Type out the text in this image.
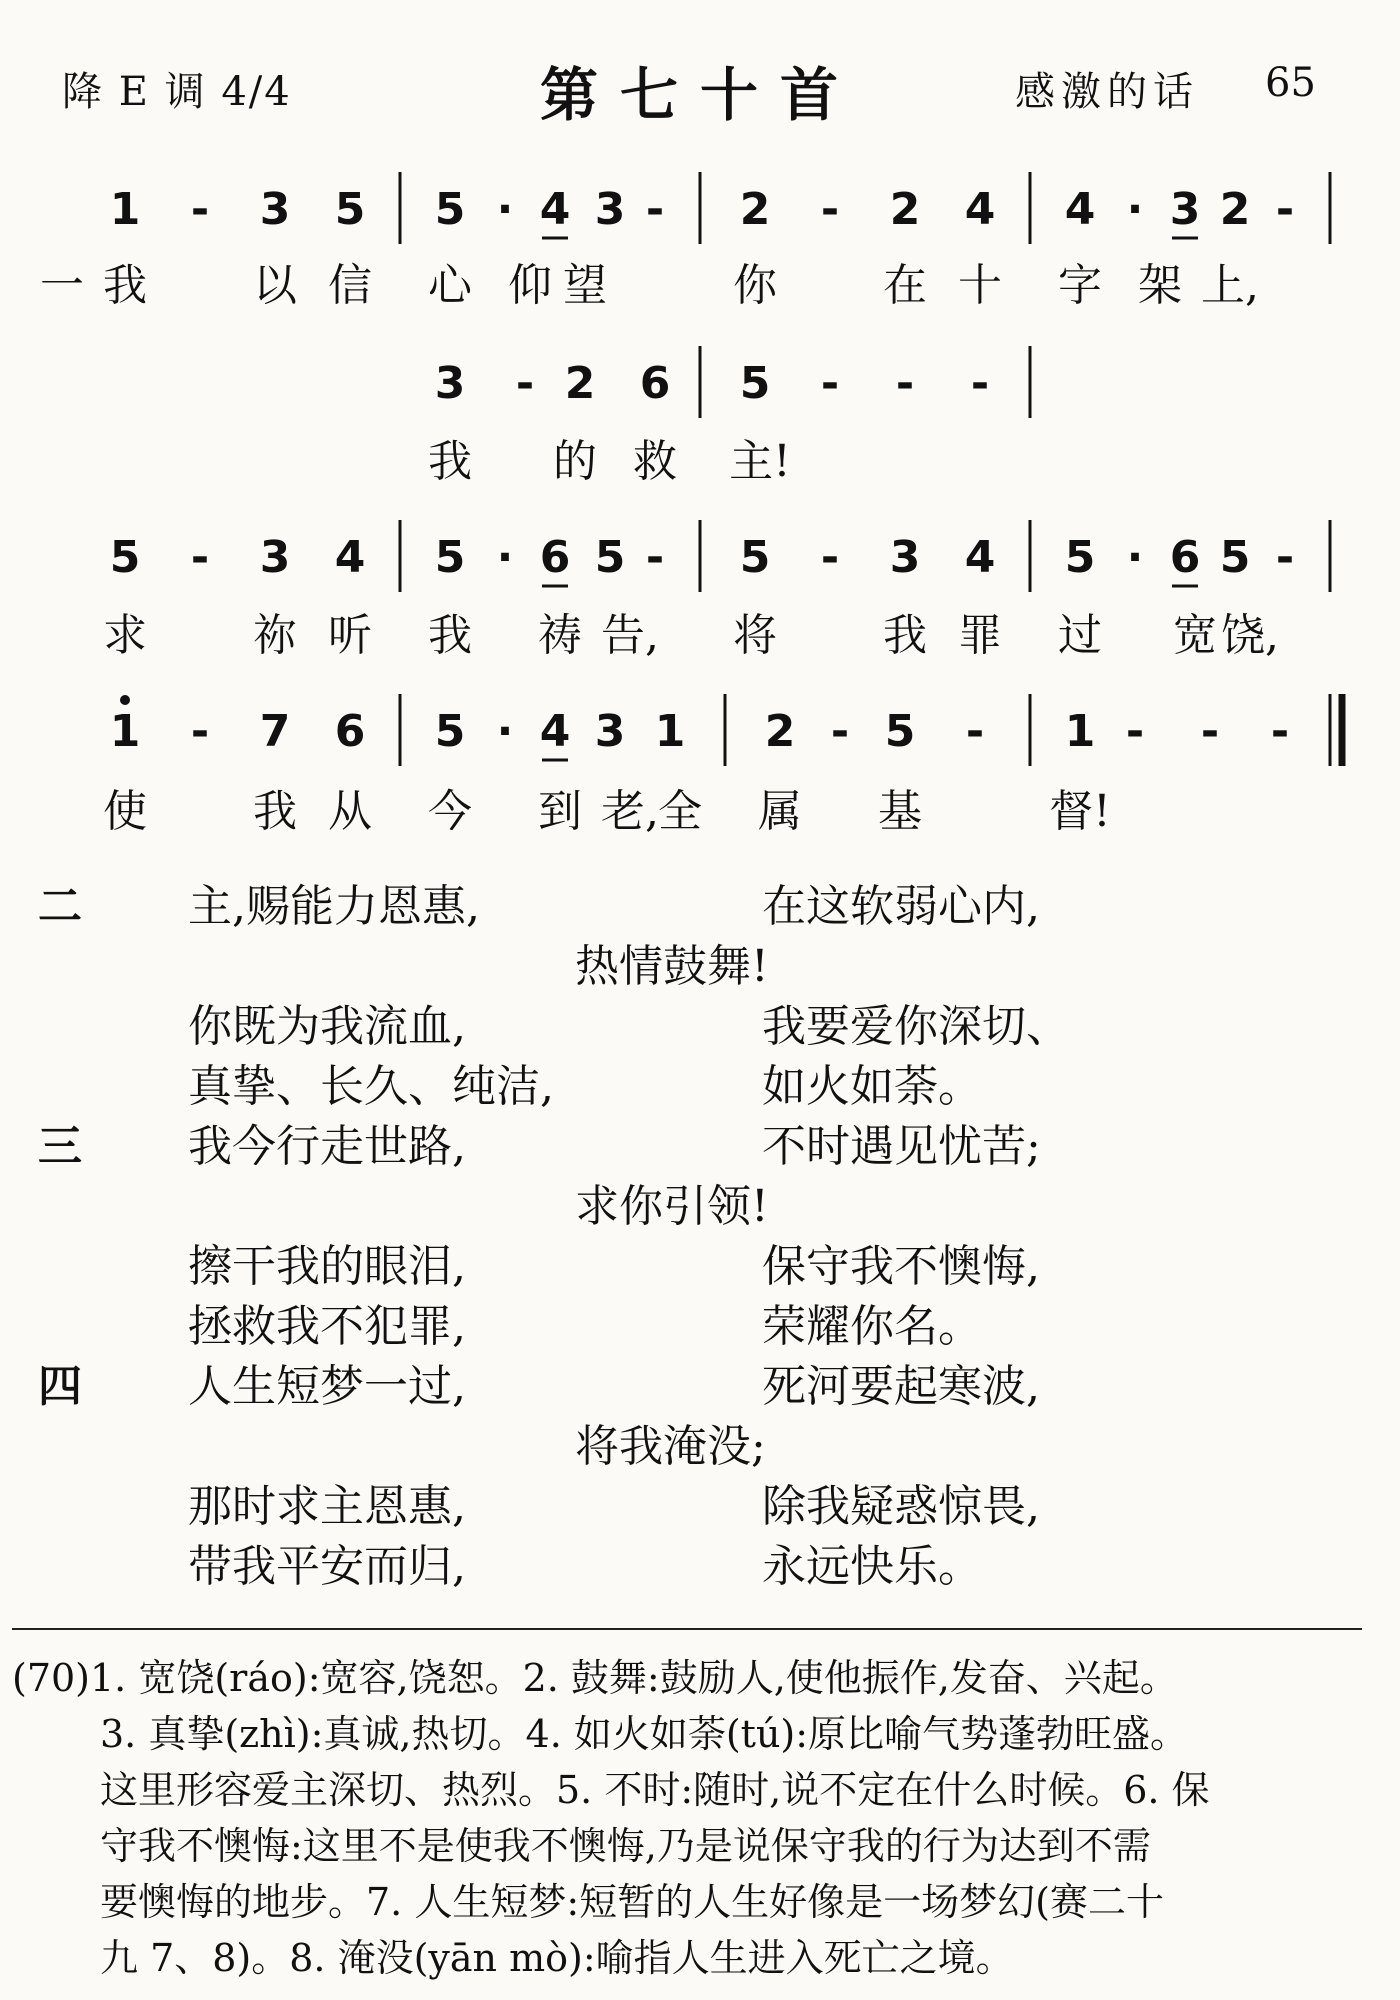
降 E 调 4/4	第七十首	感激的话 65
1 - 3 5 5 · 4 3 - 2 - 2 4 4 · 3 2 -
3 - 2 6 5 - - -
5 - 3 4 5 · 6 5 - 5 - 3 4 5 · 6 5 -
1 - 7 6 5 · 4 3 1 2 - 5 - 1 - - -
一 我 以 信 心 仰 望	你 在 十 字 架 上,
我 的 救 主!
求 祢 听 我 祷 告, 将 我 罪 过 宽 饶,
使 我 从 今 到 老, 全 属 基	督!
二 主,赐能力恩惠,	在这软弱心内,
热情鼓舞!
你既为我流血,	我要爱你深切、
真挚、长久、纯洁,	如火如荼。
三 我今行走世路,	不时遇见忧苦;
求你引领!
擦干我的眼泪,	保守我不懊悔,
拯救我不犯罪,	荣耀你名。
四 人生短梦一过,	死河要起寒波,
将我淹没;
那时求主恩惠,	除我疑惑惊畏,
带我平安而归,	永远快乐。
(70)1. 宽饶(ráo):宽容,饶恕。2. 鼓舞:鼓励人,使他振作,发奋、兴起。
3. 真挚(zhì):真诚,热切。4. 如火如荼(tú):原比喻气势蓬勃旺盛。
这里形容爱主深切、热烈。5. 不时:随时,说不定在什么时候。6. 保
守我不懊悔:这里不是使我不懊悔,乃是说保守我的行为达到不需
要懊悔的地步。7. 人生短梦:短暂的人生好像是一场梦幻(赛二十
九 7、8)。8. 淹没(yān mò):喻指人生进入死亡之境。
